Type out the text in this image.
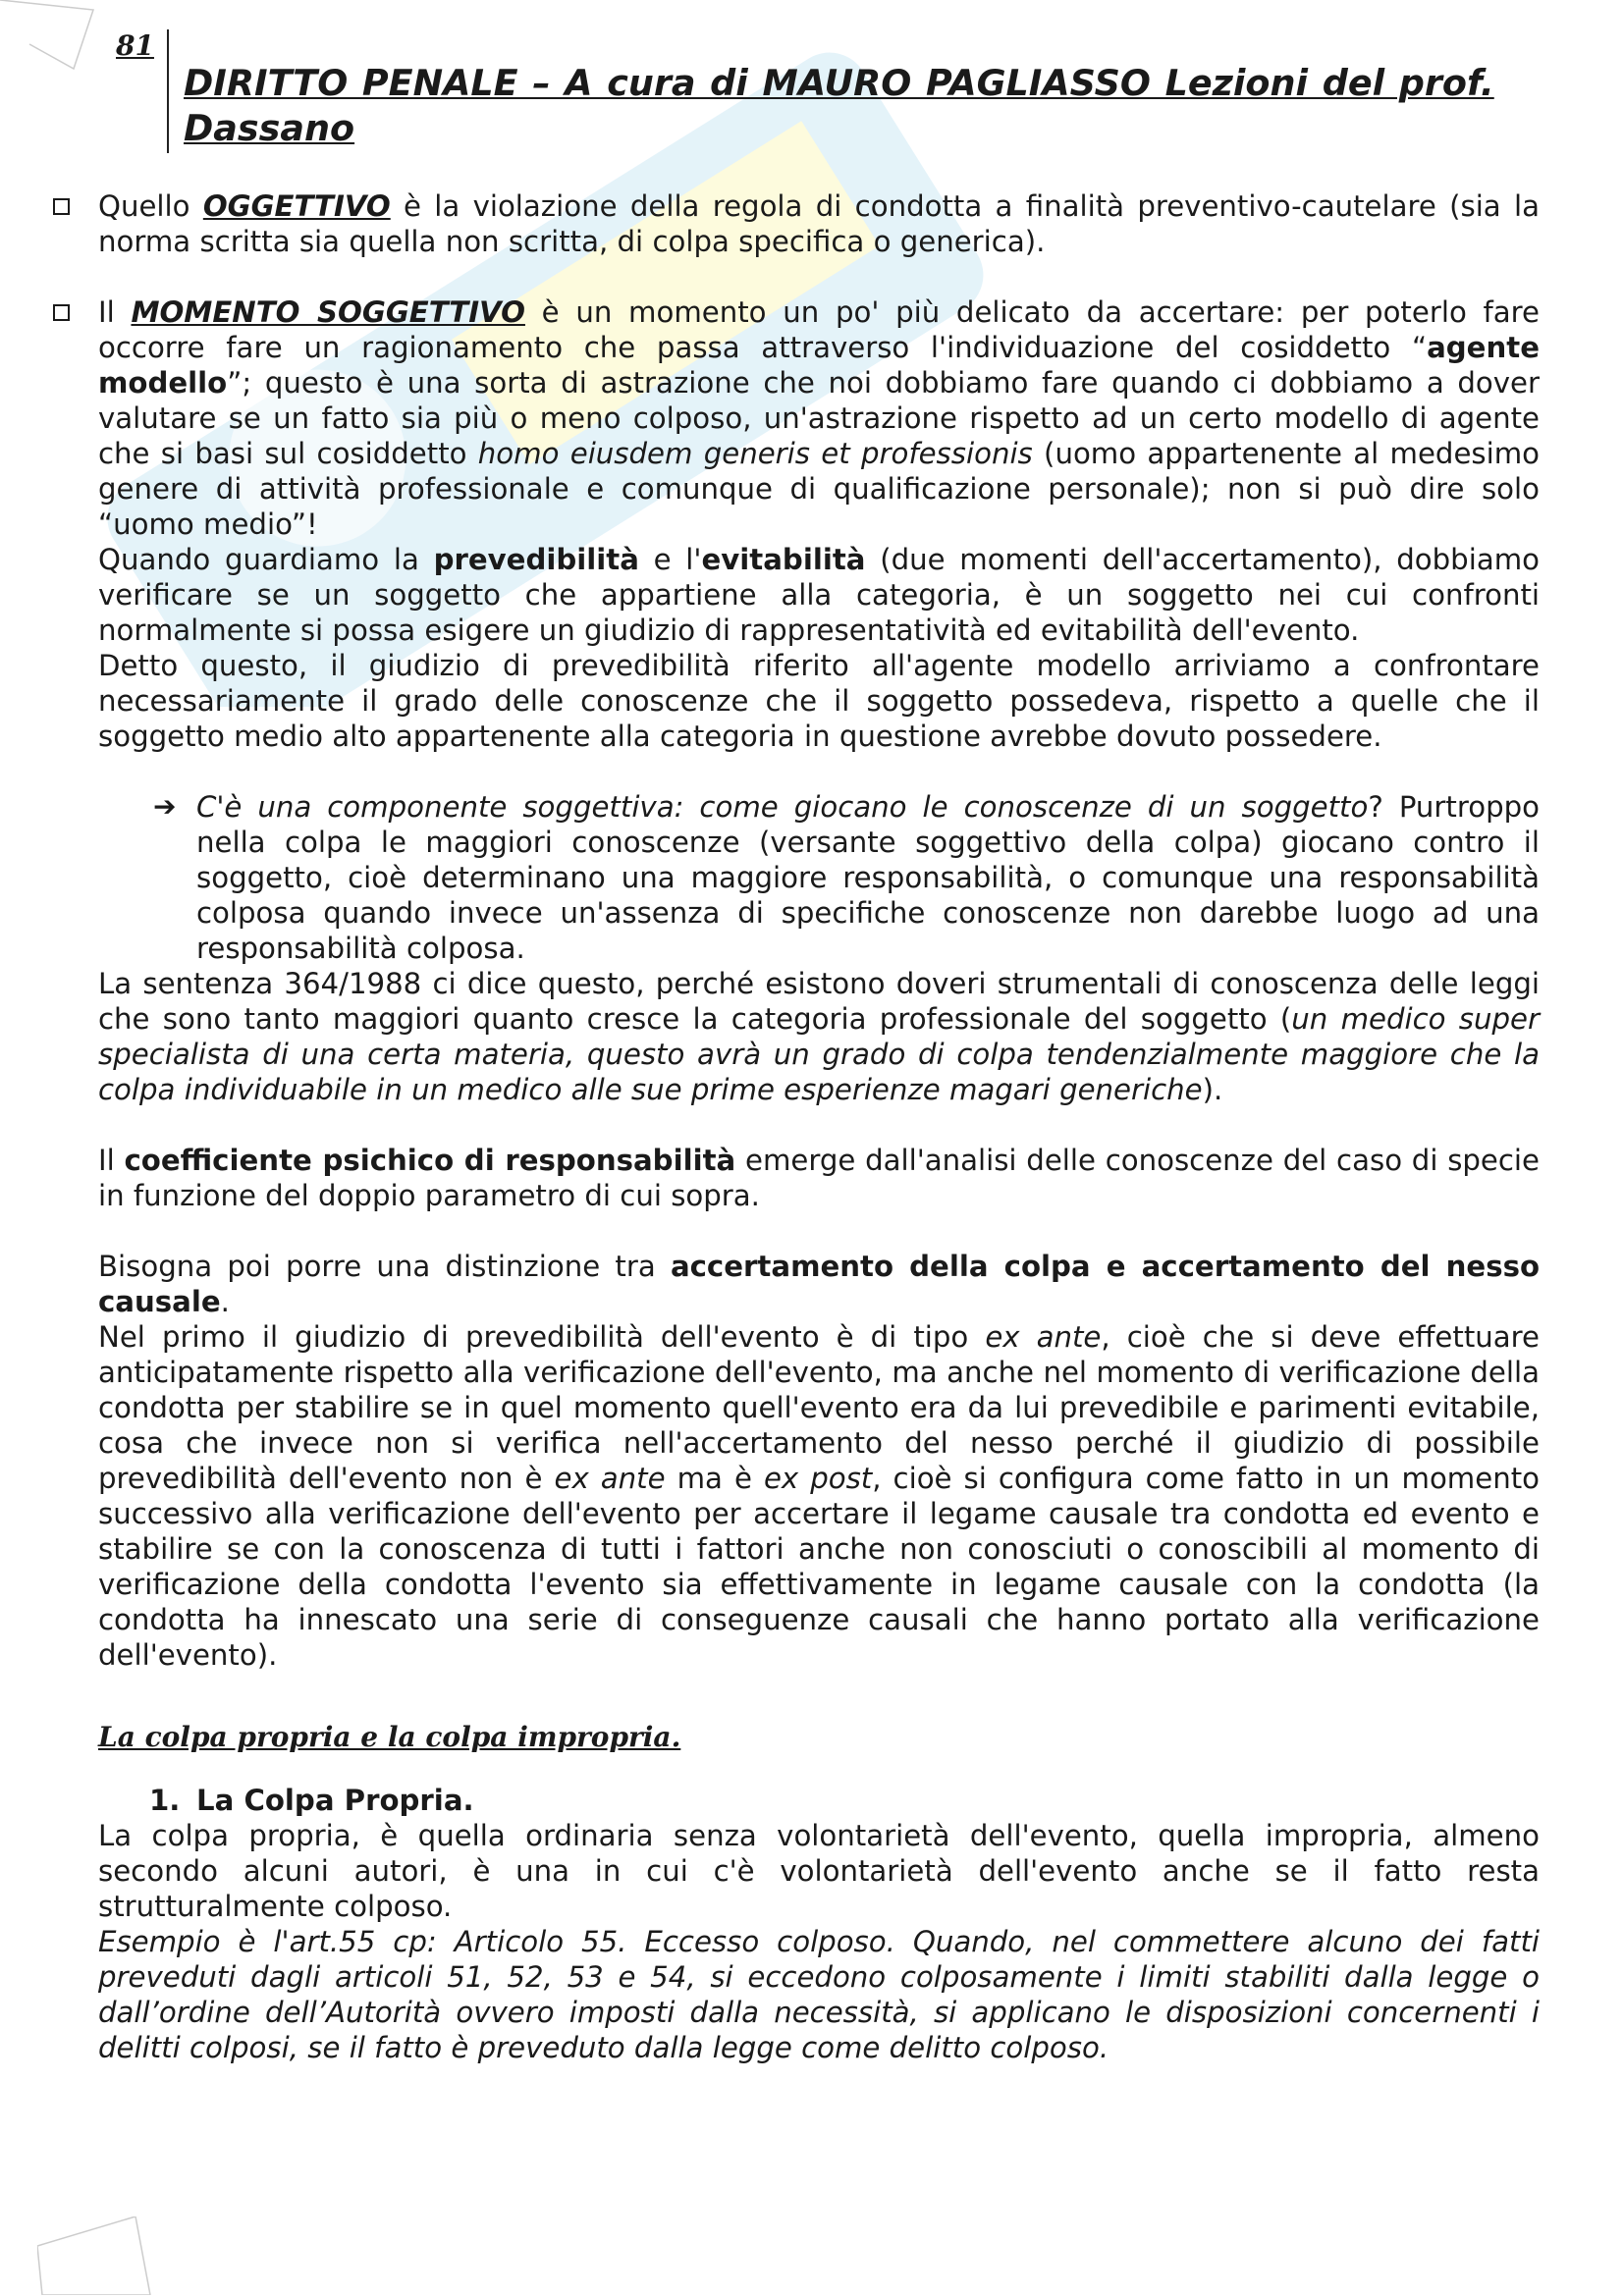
81
DIRITTO PENALE – A cura di MAURO PAGLIASSO Lezioni del prof. Dassano

Quello OGGETTIVO è la violazione della regola di condotta a finalità preventivo-cautelare (sia la norma scritta sia quella non scritta, di colpa specifica o generica).

Il MOMENTO SOGGETTIVO è un momento un po' più delicato da accertare: per poterlo fare occorre fare un ragionamento che passa attraverso l'individuazione del cosiddetto “agente modello”; questo è una sorta di astrazione che noi dobbiamo fare quando ci dobbiamo a dover valutare se un fatto sia più o meno colposo, un'astrazione rispetto ad un certo modello di agente che si basi sul cosiddetto homo eiusdem generis et professionis (uomo appartenente al medesimo genere di attività professionale e comunque di qualificazione personale); non si può dire solo “uomo medio”!

Quando guardiamo la prevedibilità e l'evitabilità (due momenti dell'accertamento), dobbiamo verificare se un soggetto che appartiene alla categoria, è un soggetto nei cui confronti normalmente si possa esigere un giudizio di rappresentatività ed evitabilità dell'evento.

Detto questo, il giudizio di prevedibilità riferito all'agente modello arriviamo a confrontare necessariamente il grado delle conoscenze che il soggetto possedeva, rispetto a quelle che il soggetto medio alto appartenente alla categoria in questione avrebbe dovuto possedere.

➔ C'è una componente soggettiva: come giocano le conoscenze di un soggetto? Purtroppo nella colpa le maggiori conoscenze (versante soggettivo della colpa) giocano contro il soggetto, cioè determinano una maggiore responsabilità, o comunque una responsabilità colposa quando invece un'assenza di specifiche conoscenze non darebbe luogo ad una responsabilità colposa.

La sentenza 364/1988 ci dice questo, perché esistono doveri strumentali di conoscenza delle leggi che sono tanto maggiori quanto cresce la categoria professionale del soggetto (un medico super specialista di una certa materia, questo avrà un grado di colpa tendenzialmente maggiore che la colpa individuabile in un medico alle sue prime esperienze magari generiche).

Il coefficiente psichico di responsabilità emerge dall'analisi delle conoscenze del caso di specie in funzione del doppio parametro di cui sopra.

Bisogna poi porre una distinzione tra accertamento della colpa e accertamento del nesso causale.

Nel primo il giudizio di prevedibilità dell'evento è di tipo ex ante, cioè che si deve effettuare anticipatamente rispetto alla verificazione dell'evento, ma anche nel momento di verificazione della condotta per stabilire se in quel momento quell'evento era da lui prevedibile e parimenti evitabile, cosa che invece non si verifica nell'accertamento del nesso perché il giudizio di possibile prevedibilità dell'evento non è ex ante ma è ex post, cioè si configura come fatto in un momento successivo alla verificazione dell'evento per accertare il legame causale tra condotta ed evento e stabilire se con la conoscenza di tutti i fattori anche non conosciuti o conoscibili al momento di verificazione della condotta l'evento sia effettivamente in legame causale con la condotta (la condotta ha innescato una serie di conseguenze causali che hanno portato alla verificazione dell'evento).

La colpa propria e la colpa impropria.

1. La Colpa Propria.

La colpa propria, è quella ordinaria senza volontarietà dell'evento, quella impropria, almeno secondo alcuni autori, è una in cui c'è volontarietà dell'evento anche se il fatto resta strutturalmente colposo.

Esempio è l'art.55 cp: Articolo 55. Eccesso colposo. Quando, nel commettere alcuno dei fatti preveduti dagli articoli 51, 52, 53 e 54, si eccedono colposamente i limiti stabiliti dalla legge o dall’ordine dell’Autorità ovvero imposti dalla necessità, si applicano le disposizioni concernenti i delitti colposi, se il fatto è preveduto dalla legge come delitto colposo.
